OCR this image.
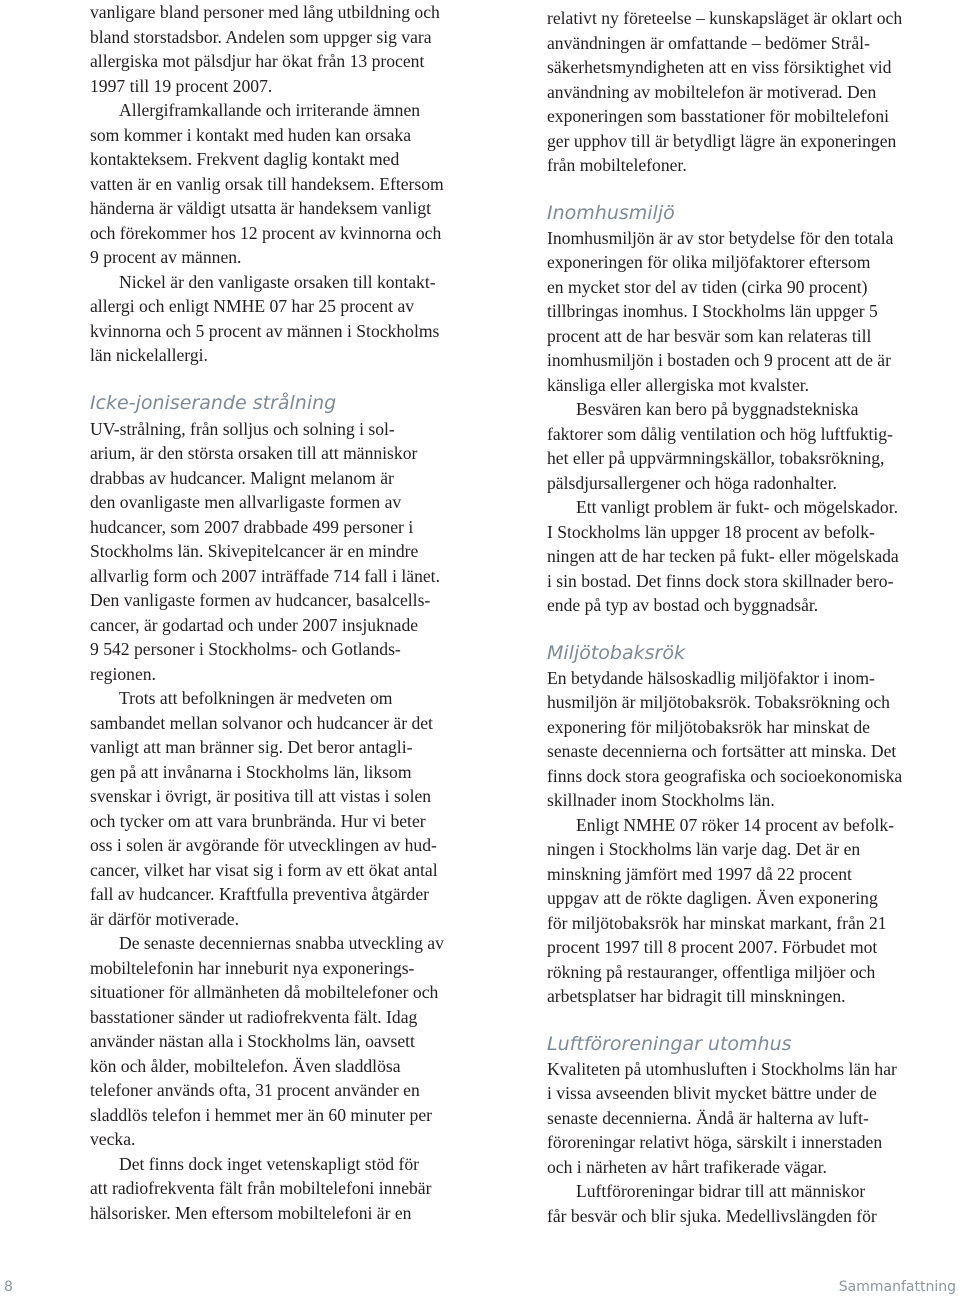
vanligare bland personer med lång utbildning och
bland storstadsbor. Andelen som uppger sig vara
allergiska mot pälsdjur har ökat från 13 procent
1997 till 19 procent 2007.

Allergiframkallande och irriterande ämnen
som kommer i kontakt med huden kan orsaka
kontakteksem. Frekvent daglig kontakt med
vatten är en vanlig orsak till handeksem. Eftersom
händerna är väldigt utsatta är handeksem vanligt
och förekommer hos 12 procent av kvinnorna och
9 procent av männen.

Nickel är den vanligaste orsaken till kontakt-
allergi och enligt NMHE 07 har 25 procent av
kvinnorna och 5 procent av männen i Stockholms
län nickelallergi.

Icke-joniserande strålning

UV-strålning, från solljus och solning i sol-
arium, är den största orsaken till att människor
drabbas av hudcancer. Malignt melanom är
den ovanligaste men allvarligaste formen av
hudcancer, som 2007 drabbade 499 personer i
Stockholms län. Skivepitelcancer är en mindre
allvarlig form och 2007 inträffade 714 fall i länet.
Den vanligaste formen av hudcancer, basalcells-
cancer, är godartad och under 2007 insjuknade
9 542 personer i Stockholms- och Gotlands-
regionen.

Trots att befolkningen är medveten om
sambandet mellan solvanor och hudcancer är det
vanligt att man bränner sig. Det beror antagli-
gen på att invånarna i Stockholms län, liksom
svenskar i övrigt, är positiva till att vistas i solen
och tycker om att vara brunbrända. Hur vi beter
oss i solen är avgörande för utvecklingen av hud-
cancer, vilket har visat sig i form av ett ökat antal
fall av hudcancer. Kraftfulla preventiva åtgärder
är därför motiverade.

De senaste decenniernas snabba utveckling av
mobiltelefonin har inneburit nya exponerings-
situationer för allmänheten då mobiltelefoner och
basstationer sänder ut radiofrekventa fält. Idag
använder nästan alla i Stockholms län, oavsett
kön och ålder, mobiltelefon. Även sladdlösa
telefoner används ofta, 31 procent använder en
sladdlös telefon i hemmet mer än 60 minuter per
vecka.

Det finns dock inget vetenskapligt stöd för
att radiofrekventa fält från mobiltelefoni innebär
hälsorisker. Men eftersom mobiltelefoni är en

relativt ny företeelse – kunskapsläget är oklart och
användningen är omfattande – bedömer Strål-
säkerhetsmyndigheten att en viss försiktighet vid
användning av mobiltelefon är motiverad. Den
exponeringen som basstationer för mobiltelefoni
ger upphov till är betydligt lägre än exponeringen
från mobiltelefoner.

Inomhusmiljö

Inomhusmiljön är av stor betydelse för den totala
exponeringen för olika miljöfaktorer eftersom
en mycket stor del av tiden (cirka 90 procent)
tillbringas inomhus. I Stockholms län uppger 5
procent att de har besvär som kan relateras till
inomhusmiljön i bostaden och 9 procent att de är
känsliga eller allergiska mot kvalster.

Besvären kan bero på byggnadstekniska
faktorer som dålig ventilation och hög luftfuktig-
het eller på uppvärmningskällor, tobaksrökning,
pälsdjursallergener och höga radonhalter.

Ett vanligt problem är fukt- och mögelskador.
I Stockholms län uppger 18 procent av befolk-
ningen att de har tecken på fukt- eller mögelskada
i sin bostad. Det finns dock stora skillnader bero-
ende på typ av bostad och byggnadsår.

Miljötobaksrök

En betydande hälsoskadlig miljöfaktor i inom-
husmiljön är miljötobaksrök. Tobaksrökning och
exponering för miljötobaksrök har minskat de
senaste decennierna och fortsätter att minska. Det
finns dock stora geografiska och socioekonomiska
skillnader inom Stockholms län.

Enligt NMHE 07 röker 14 procent av befolk-
ningen i Stockholms län varje dag. Det är en
minskning jämfört med 1997 då 22 procent
uppgav att de rökte dagligen. Även exponering
för miljötobaksrök har minskat markant, från 21
procent 1997 till 8 procent 2007. Förbudet mot
rökning på restauranger, offentliga miljöer och
arbetsplatser har bidragit till minskningen.

Luftföroreningar utomhus

Kvaliteten på utomhusluften i Stockholms län har
i vissa avseenden blivit mycket bättre under de
senaste decennierna. Ändå är halterna av luft-
föroreningar relativt höga, särskilt i innerstaden
och i närheten av hårt trafikerade vägar.

Luftföroreningar bidrar till att människor
får besvär och blir sjuka. Medellivslängden för

8	Sammanfattning
